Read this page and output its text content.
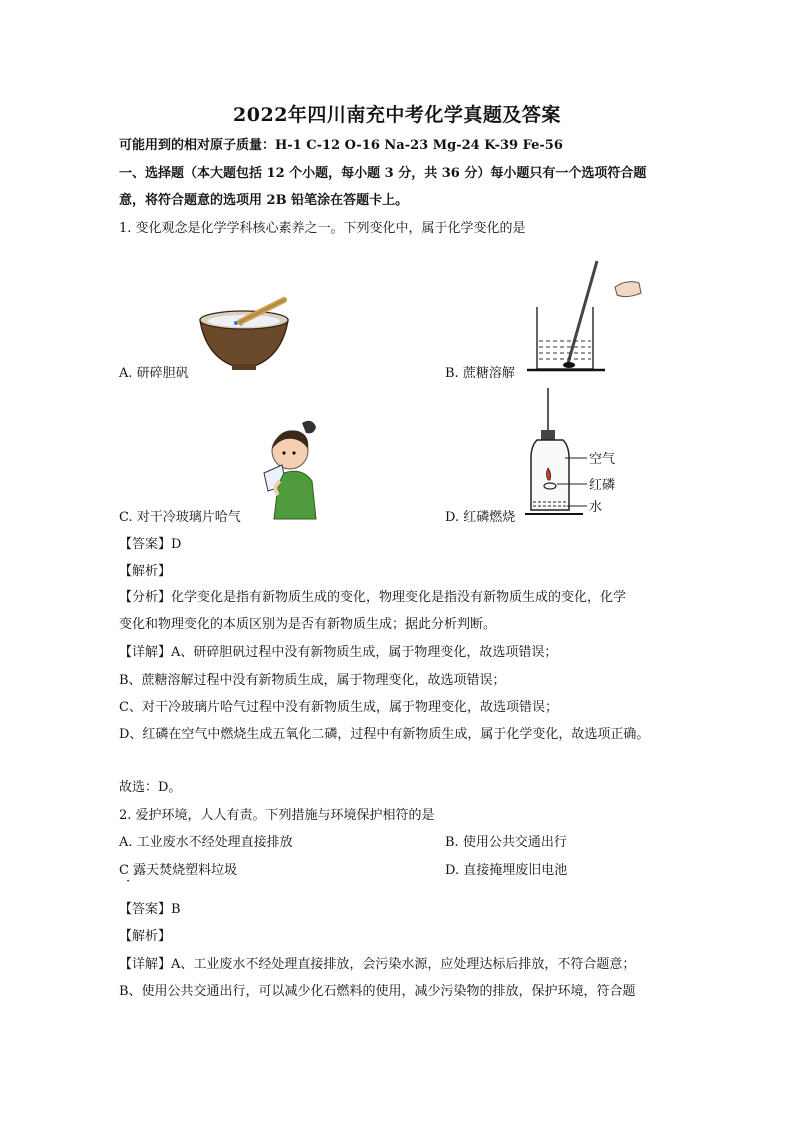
2022年四川南充中考化学真题及答案
可能用到的相对原子质量：H-1 C-12 O-16 Na-23 Mg-24 K-39 Fe-56
一、选择题（本大题包括 12 个小题，每小题 3 分，共 36 分）每小题只有一个选项符合题
意，将符合题意的选项用 2B 铅笔涂在答题卡上。
1. 变化观念是化学学科核心素养之一。下列变化中，属于化学变化的是
A. 研碎胆矾	B. 蔗糖溶解
C. 对干冷玻璃片哈气
空气
红磷
水
D. 红磷燃烧
【答案】D
【解析】
【分析】化学变化是指有新物质生成的变化，物理变化是指没有新物质生成的变化，化学
变化和物理变化的本质区别为是否有新物质生成；据此分析判断。
【详解】A、研碎胆矾过程中没有新物质生成，属于物理变化，故选项错误；
B、蔗糖溶解过程中没有新物质生成，属于物理变化，故选项错误；
C、对干冷玻璃片哈气过程中没有新物质生成，属于物理变化，故选项错误；
D、红磷在空气中燃烧生成五氧化二磷，过程中有新物质生成，属于化学变化，故选项正确。
故选：D。
2. 爱护环境，人人有责。下列措施与环境保护相符的是
A. 工业废水不经处理直接排放	B. 使用公共交通出行
C 露天焚烧塑料垃圾
·
D. 直接掩埋废旧电池
【答案】B
【解析】
【详解】A、工业废水不经处理直接排放，会污染水源，应处理达标后排放，不符合题意；
B、使用公共交通出行，可以减少化石燃料的使用，减少污染物的排放，保护环境，符合题
